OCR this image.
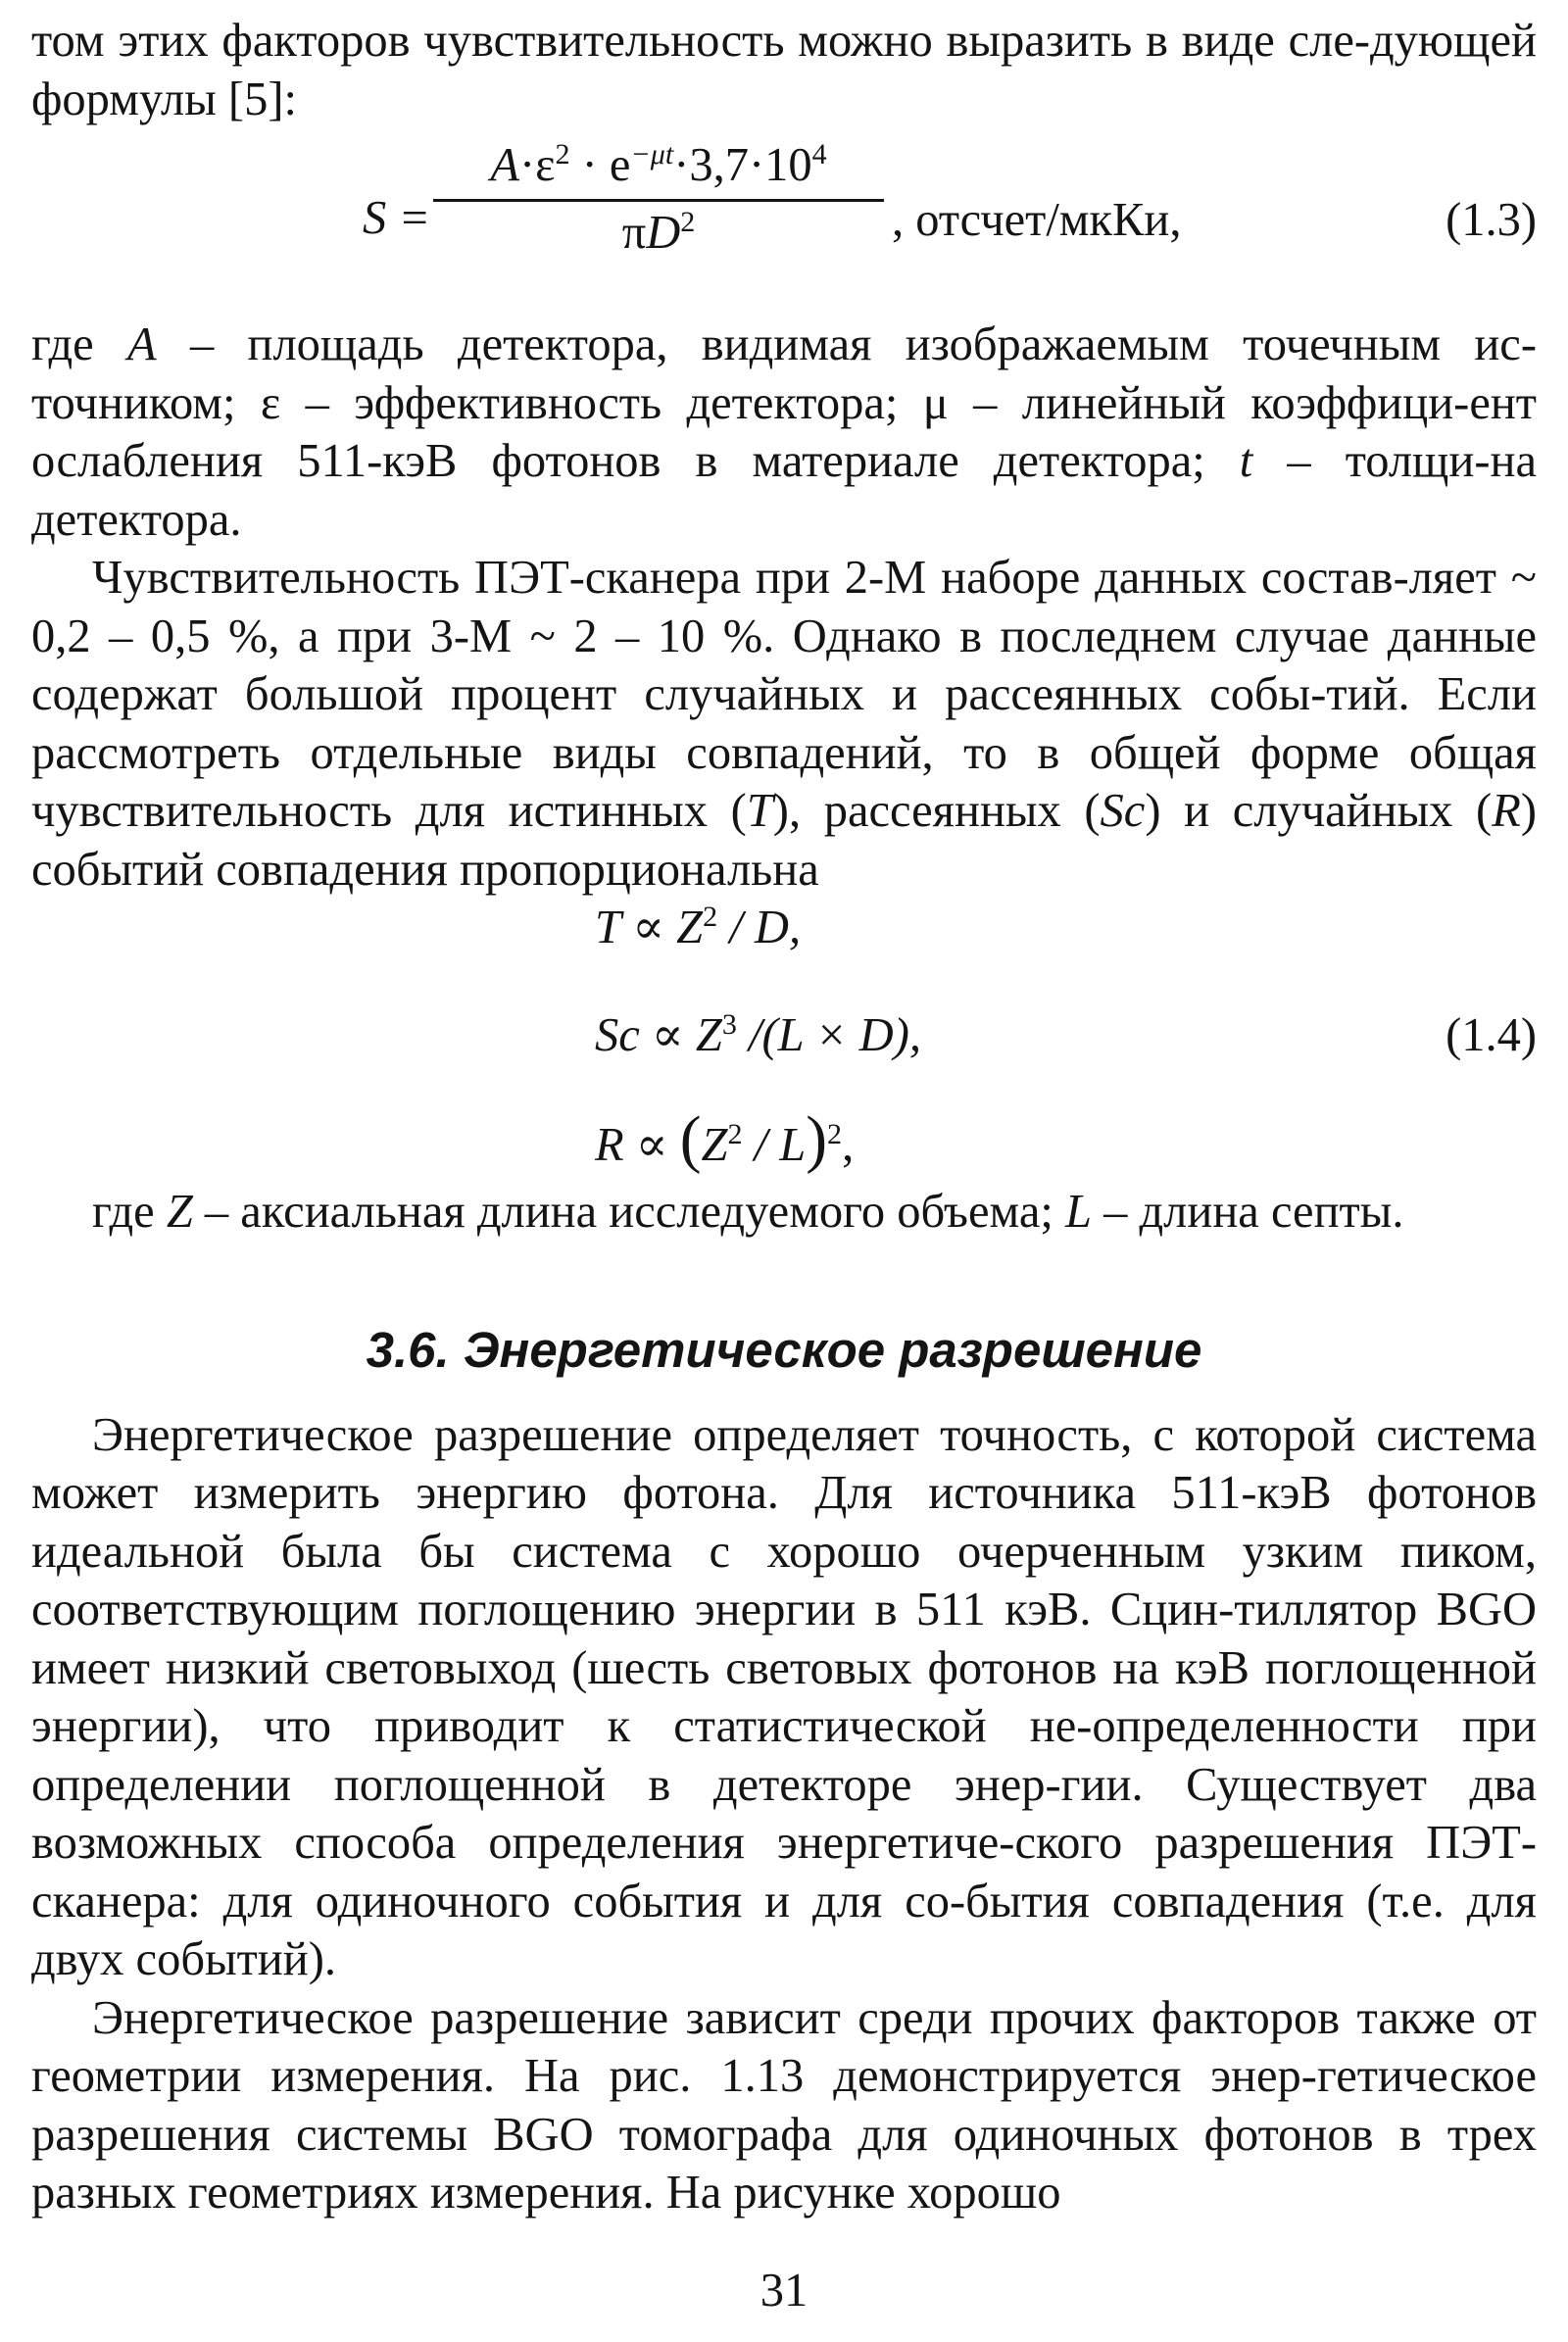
том этих факторов чувствительность можно выразить в виде сле-дующей формулы [5]:

S =
$A\cdot\varepsilon^2 \cdot e^{-\mu t}\cdot 3,7\cdot 10^4$
$\pi D^2$	, отсчет/мкКи,	(1.3)

где A – площадь детектора, видимая изображаемым точечным ис-точником; ε – эффективность детектора; μ – линейный коэффици-ент ослабления 511-кэВ фотонов в материале детектора; t – толщи-на детектора.

Чувствительность ПЭТ-сканера при 2-М наборе данных состав-ляет ~ 0,2 – 0,5 %, а при 3-М ~ 2 – 10 %. Однако в последнем случае данные содержат большой процент случайных и рассеянных собы-тий. Если рассмотреть отдельные виды совпадений, то в общей форме общая чувствительность для истинных (T), рассеянных (Sc) и случайных (R) событий совпадения пропорциональна

$T \propto Z^2 / D$,
$Sc \propto Z^3$ /(L × D),
$R \propto (Z^2 / L)^2$,
(1.4)

где Z – аксиальная длина исследуемого объема; L – длина септы.

3.6. Энергетическое разрешение

Энергетическое разрешение определяет точность, с которой система может измерить энергию фотона. Для источника 511-кэВ фотонов идеальной была бы система с хорошо очерченным узким пиком, соответствующим поглощению энергии в 511 кэВ. Сцин-тиллятор BGO имеет низкий световыход (шесть световых фотонов на кэВ поглощенной энергии), что приводит к статистической не-определенности при определении поглощенной в детекторе энер-гии. Существует два возможных способа определения энергетиче-ского разрешения ПЭТ-сканера: для одиночного события и для со-бытия совпадения (т.е. для двух событий).

Энергетическое разрешение зависит среди прочих факторов также от геометрии измерения. На рис. 1.13 демонстрируется энер-гетическое разрешения системы BGO томографа для одиночных фотонов в трех разных геометриях измерения. На рисунке хорошо

31
